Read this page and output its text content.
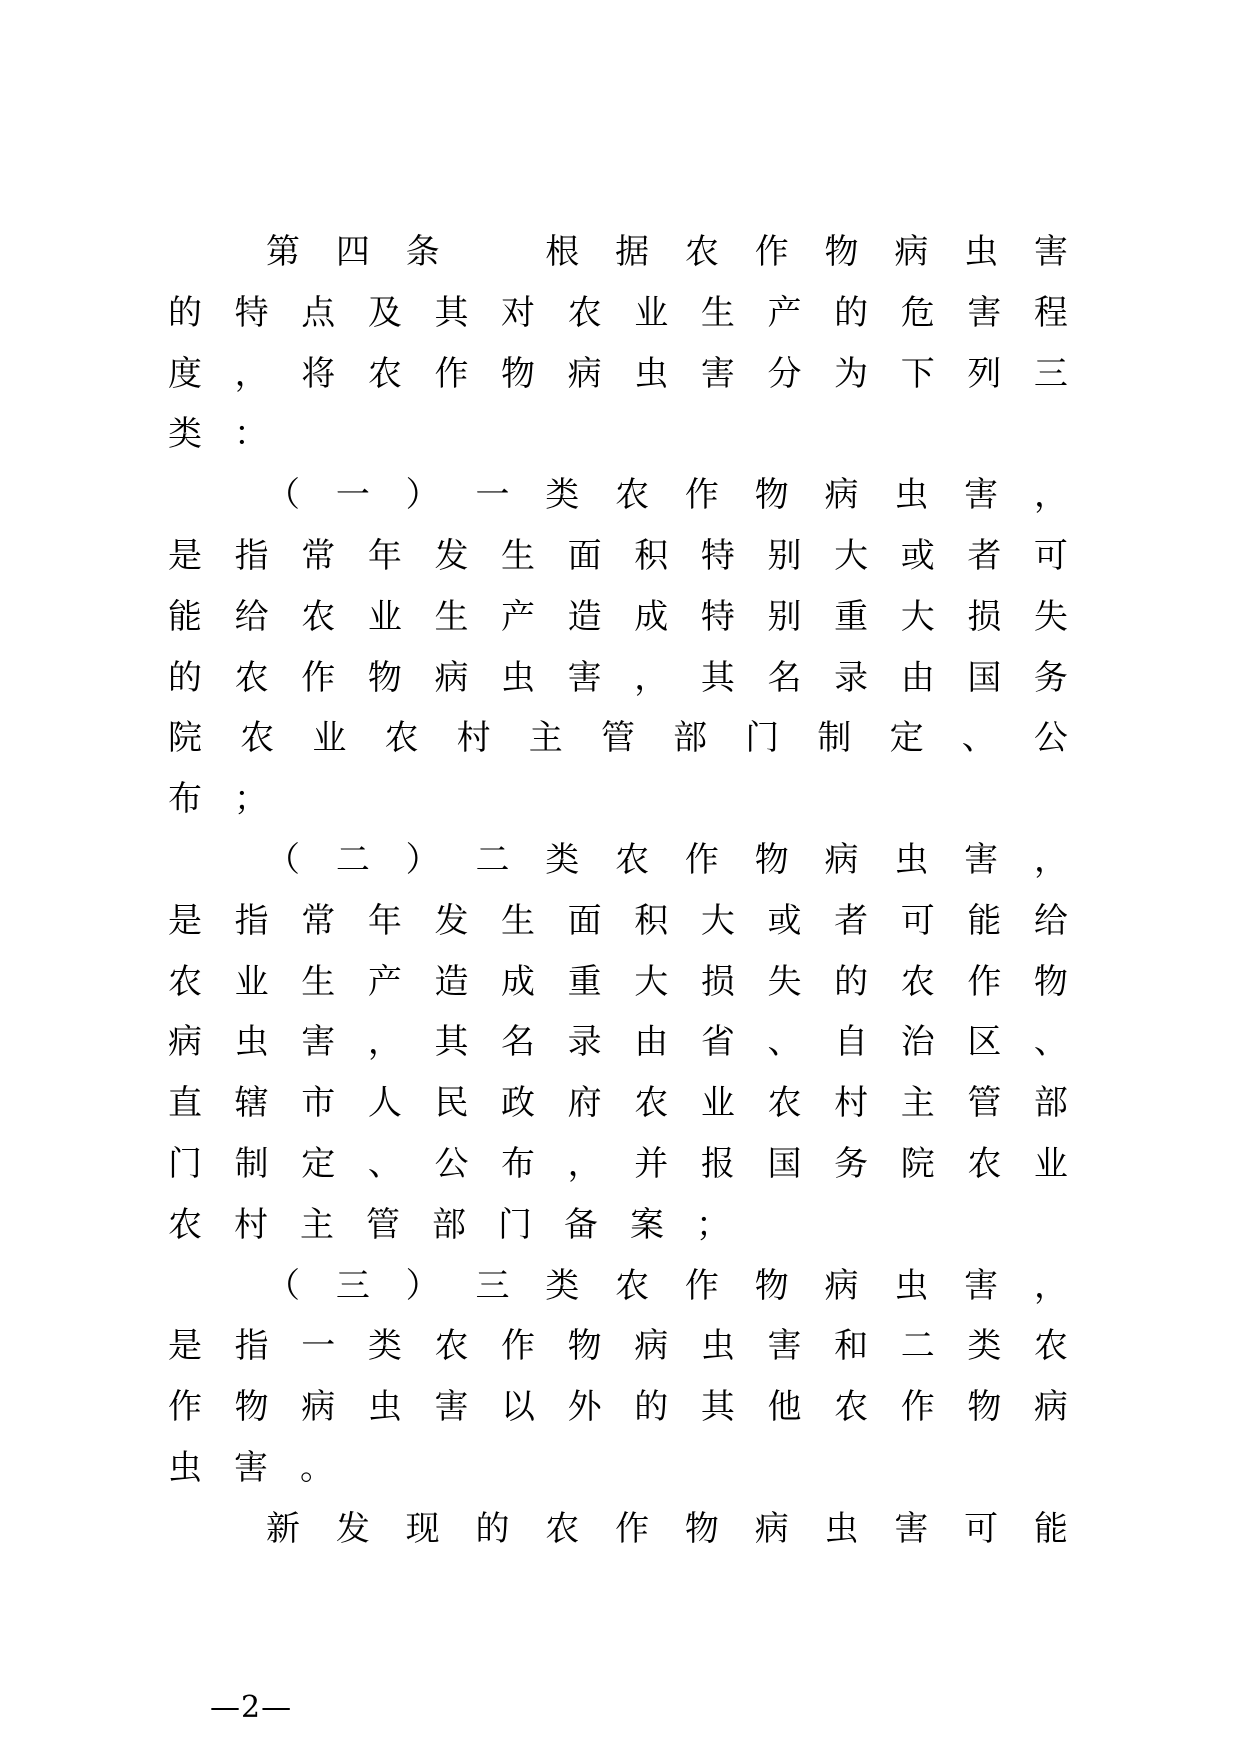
第 四 条
　	根 据 农 作 物 病 虫 害
的 特 点 及 其 对 农 业 生 产 的 危 害 程
度 ， 将 农 作 物 病 虫 害 分 为 下 列 三
类 ：
（ 一 ） 一 类 农 作 物 病 虫 害 ，
是 指 常 年 发 生 面 积 特 别 大 或 者 可
能 给 农 业 生 产 造 成 特 别 重 大 损 失
的 农 作 物 病 虫 害 ， 其 名 录 由 国 务
院 农 业 农 村 主 管 部 门 制 定 、 公
布 ；
（ 二 ） 二 类 农 作 物 病 虫 害 ，
是 指 常 年 发 生 面 积 大 或 者 可 能 给
农 业 生 产 造 成 重 大 损 失 的 农 作 物
病 虫 害 ， 其 名 录 由 省 、 自 治 区 、
直 辖 市 人 民 政 府 农 业 农 村 主 管 部
门 制 定 、 公 布 ， 并 报 国 务 院 农 业
农 村 主 管 部 门 备 案 ；
（ 三 ） 三 类 农 作 物 病 虫 害 ，
是 指 一 类 农 作 物 病 虫 害 和 二 类 农
作 物 病 虫 害 以 外 的 其 他 农 作 物 病
虫 害 。
新 发 现 的 农 作 物 病 虫 害 可 能
—2—
